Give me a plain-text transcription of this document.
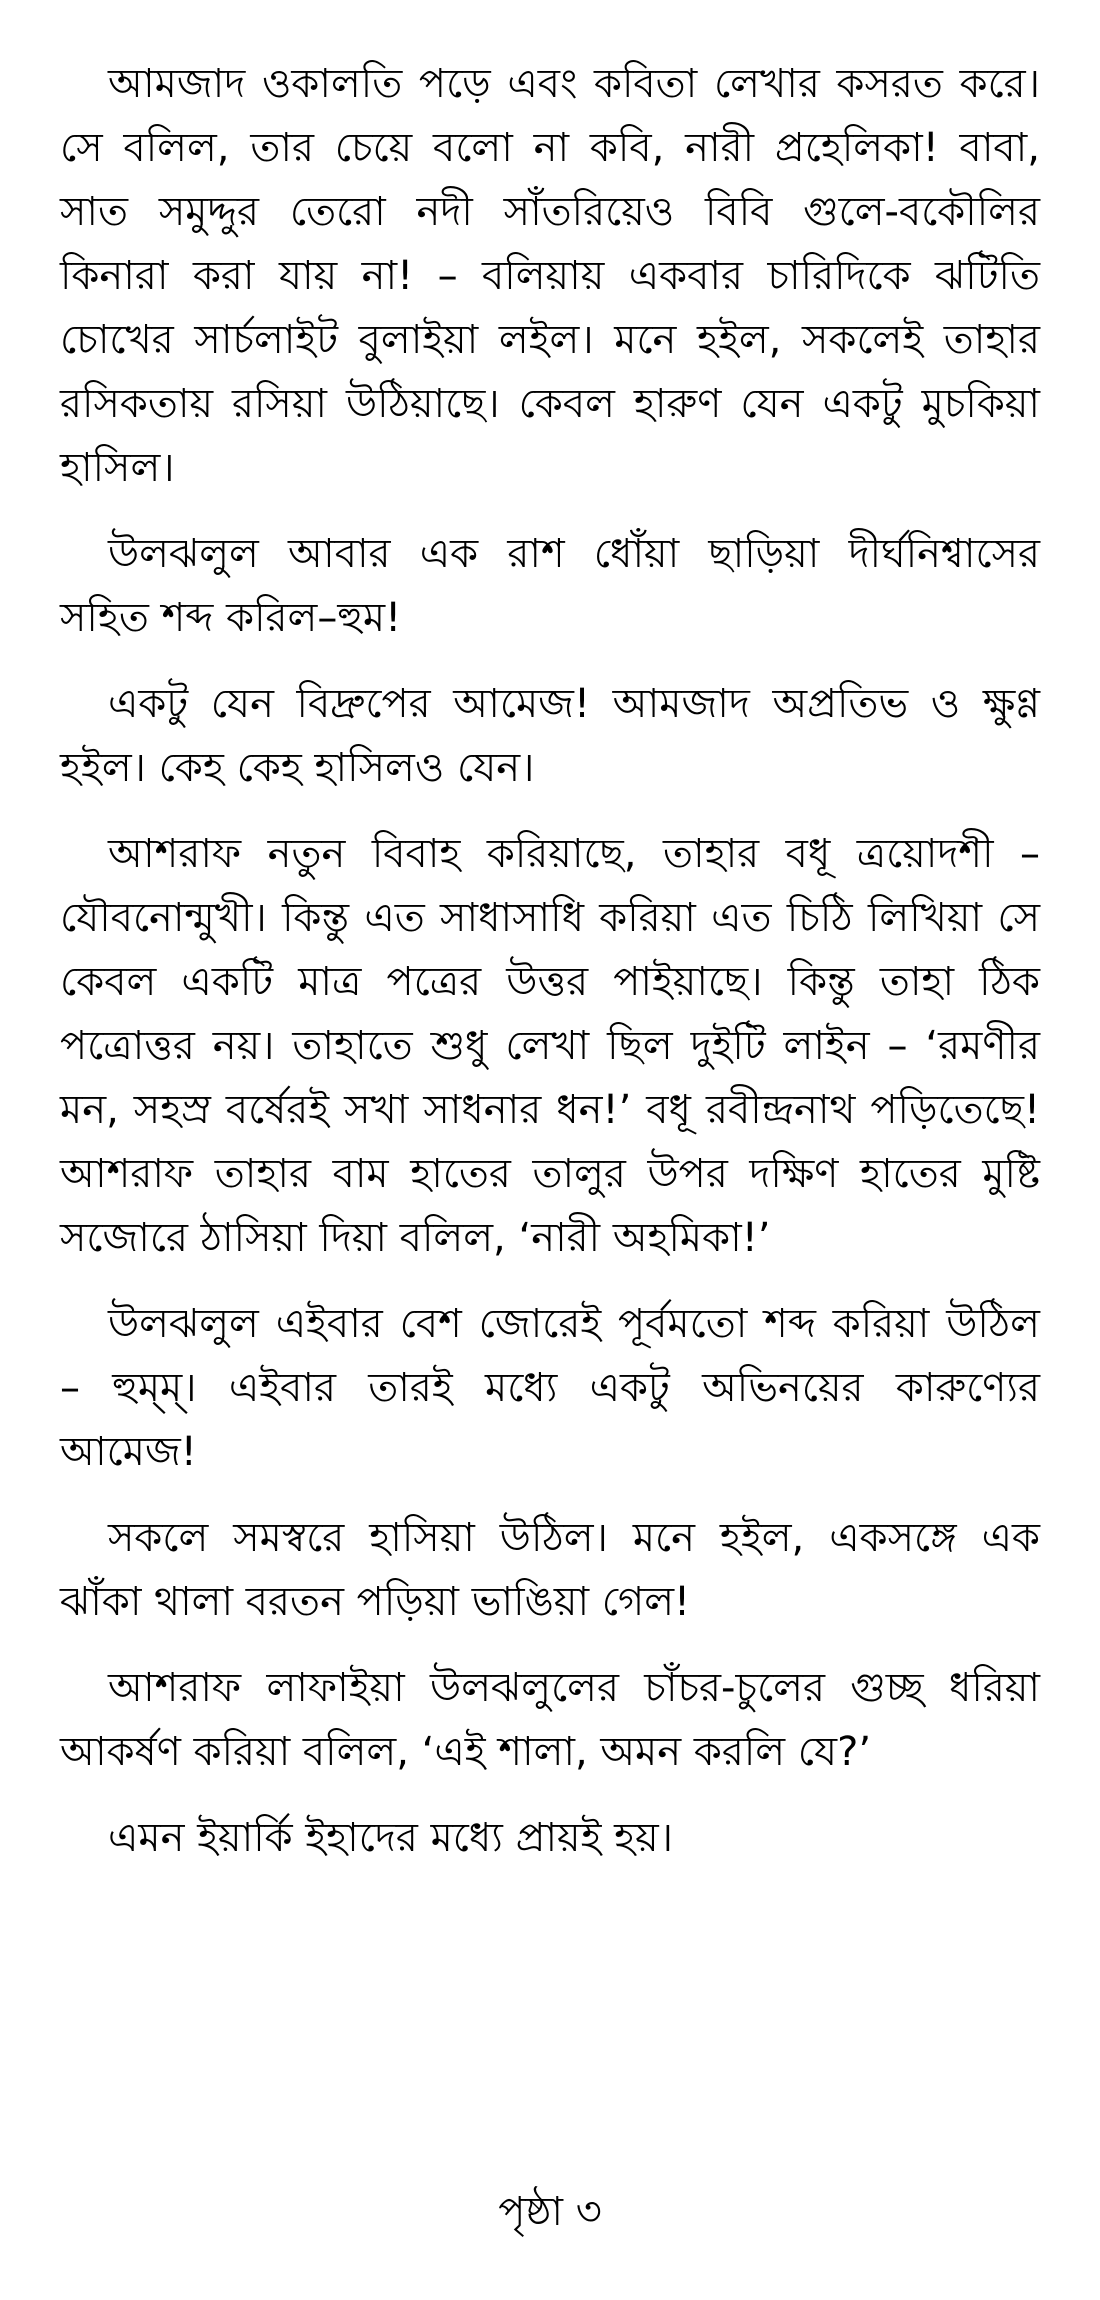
আমজাদ ওকালতি পড়ে এবং কবিতা লেখার কসরত করে। সে বলিল, তার চেয়ে বলো না কবি, নারী প্রহেলিকা! বাবা, সাত সমুদ্দুর তেরো নদী সাঁতরিয়েও বিবি গুলে-বকৌলির কিনারা করা যায় না! – বলিয়ায় একবার চারিদিকে ঝটিতি চোখের সার্চলাইট বুলাইয়া লইল। মনে হইল, সকলেই তাহার রসিকতায় রসিয়া উঠিয়াছে। কেবল হারুণ যেন একটু মুচকিয়া হাসিল।

উলঝলুল আবার এক রাশ ধোঁয়া ছাড়িয়া দীর্ঘনিশ্বাসের সহিত শব্দ করিল–হুম!

একটু যেন বিদ্রুপের আমেজ! আমজাদ অপ্রতিভ ও ক্ষুণ্ণ হইল। কেহ কেহ হাসিলও যেন।

আশরাফ নতুন বিবাহ করিয়াছে, তাহার বধূ ত্রয়োদশী – যৌবনোন্মুখী। কিন্তু এত সাধাসাধি করিয়া এত চিঠি লিখিয়া সে কেবল একটি মাত্র পত্রের উত্তর পাইয়াছে। কিন্তু তাহা ঠিক পত্রোত্তর নয়। তাহাতে শুধু লেখা ছিল দুইটি লাইন – ‘রমণীর মন, সহস্র বর্ষেরই সখা সাধনার ধন!’ বধূ রবীন্দ্রনাথ পড়িতেছে! আশরাফ তাহার বাম হাতের তালুর উপর দক্ষিণ হাতের মুষ্টি সজোরে ঠাসিয়া দিয়া বলিল, ‘নারী অহমিকা!’

উলঝলুল এইবার বেশ জোরেই পূর্বমতো শব্দ করিয়া উঠিল – হুম্‌ম্‌। এইবার তারই মধ্যে একটু অভিনয়ের কারুণ্যের আমেজ!

সকলে সমস্বরে হাসিয়া উঠিল। মনে হইল, একসঙ্গে এক ঝাঁকা থালা বরতন পড়িয়া ভাঙিয়া গেল!

আশরাফ লাফাইয়া উলঝলুলের চাঁচর-চুলের গুচ্ছ ধরিয়া আকর্ষণ করিয়া বলিল, ‘এই শালা, অমন করলি যে?’

এমন ইয়ার্কি ইহাদের মধ্যে প্রায়ই হয়।

পৃষ্ঠা ৩
